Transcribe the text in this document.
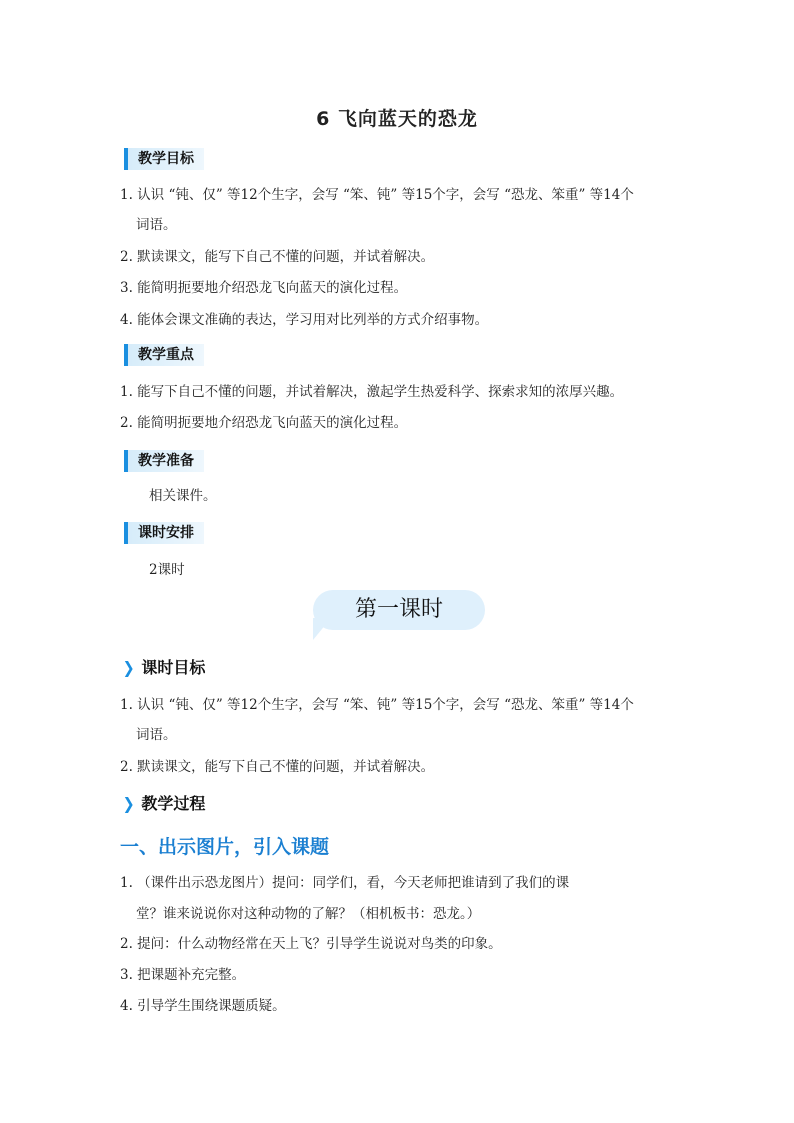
6 飞向蓝天的恐龙
教学目标
1. 认识 “钝、仅” 等12个生字，会写 “笨、钝” 等15个字，会写 “恐龙、笨重” 等14个
词语。
2. 默读课文，能写下自己不懂的问题，并试着解决。
3. 能简明扼要地介绍恐龙飞向蓝天的演化过程。
4. 能体会课文准确的表达，学习用对比列举的方式介绍事物。
教学重点
1. 能写下自己不懂的问题，并试着解决，激起学生热爱科学、探索求知的浓厚兴趣。
2. 能简明扼要地介绍恐龙飞向蓝天的演化过程。
教学准备
相关课件。
课时安排
2课时
第一课时
❯ 课时目标
1. 认识 “钝、仅” 等12个生字，会写 “笨、钝” 等15个字，会写 “恐龙、笨重” 等14个
词语。
2. 默读课文，能写下自己不懂的问题，并试着解决。
❯ 教学过程
一、出示图片，引入课题
1. （课件出示恐龙图片）提问：同学们，看，今天老师把谁请到了我们的课
堂？谁来说说你对这种动物的了解？（相机板书：恐龙。）
2. 提问：什么动物经常在天上飞？引导学生说说对鸟类的印象。
3. 把课题补充完整。
4. 引导学生围绕课题质疑。
